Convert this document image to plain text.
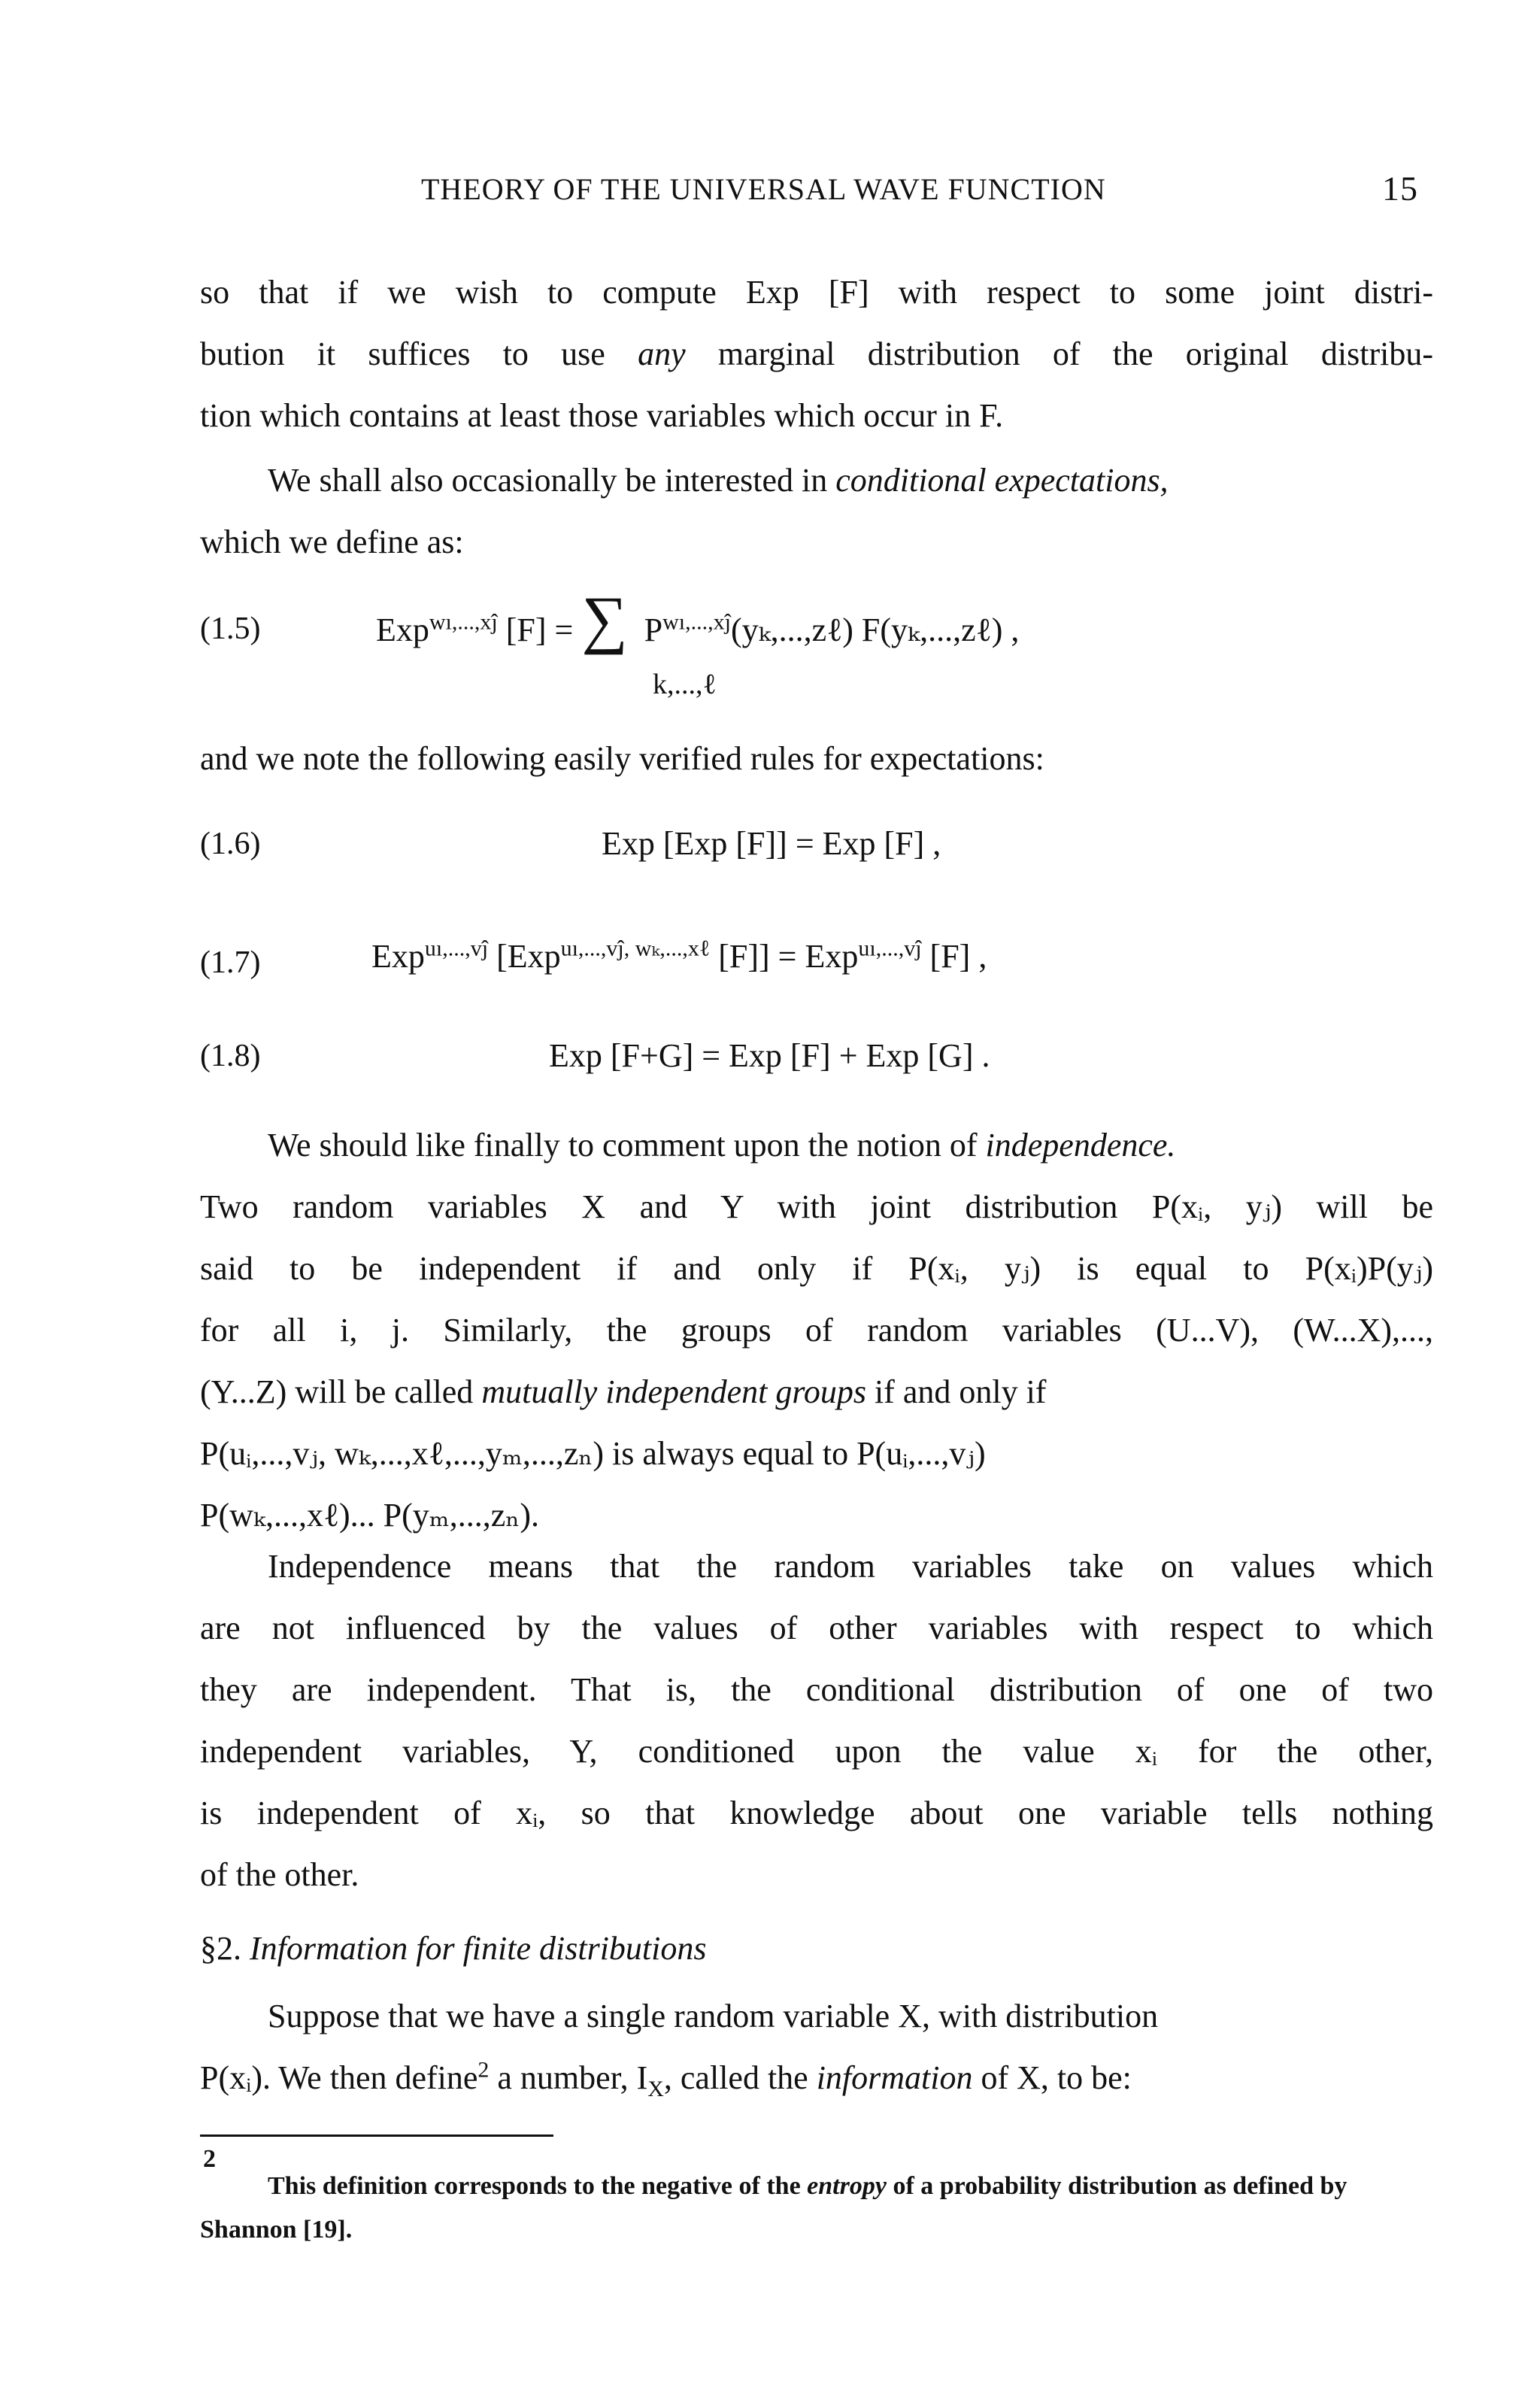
THEORY OF THE UNIVERSAL WAVE FUNCTION	15

so that if we wish to compute Exp [F] with respect to some joint distri-

bution it suffices to use any marginal distribution of the original distribu-

tion which contains at least those variables which occur in F.

We shall also occasionally be interested in conditional expectations,

which we define as:

(1.5)	Exp$^{wı,...,xĵ}$ [F] = ∑ $P^{wı,...,xĵ}(y_k,...,z\ell)$ F(yₖ,...,zℓ) ,
k,...,ℓ

and we note the following easily verified rules for expectations:

(1.6)	Exp [Exp [F]] = Exp [F] ,
(1.7)	Exp$^{uı,...,vĵ}$ [Exp$^{uı,...,vĵ, w_k,...,x\ell}$ [F]] = Exp$^{uı,...,vĵ}$ [F] ,
(1.8)	Exp [F+G] = Exp [F] + Exp [G] .

We should like finally to comment upon the notion of independence.

Two random variables X and Y with joint distribution P(xᵢ, yⱼ) will be

said to be independent if and only if P(xᵢ, yⱼ) is equal to P(xᵢ)P(yⱼ)

for all i, j. Similarly, the groups of random variables (U...V), (W...X),...,

(Y...Z) will be called mutually independent groups if and only if

P(uᵢ,...,vⱼ, wₖ,...,xℓ,...,yₘ,...,zₙ) is always equal to P(uᵢ,...,vⱼ)

P(wₖ,...,xℓ)... P(yₘ,...,zₙ).

Independence means that the random variables take on values which

are not influenced by the values of other variables with respect to which

they are independent. That is, the conditional distribution of one of two

independent variables, Y, conditioned upon the value xᵢ for the other,

is independent of xᵢ, so that knowledge about one variable tells nothing

of the other.

§2. Information for finite distributions

Suppose that we have a single random variable X, with distribution

P(xᵢ). We then define$^2$ a number, $I_X$, called the information of X, to be:

2
This definition corresponds to the negative of the entropy of a probability distribution as defined by Shannon [19].
